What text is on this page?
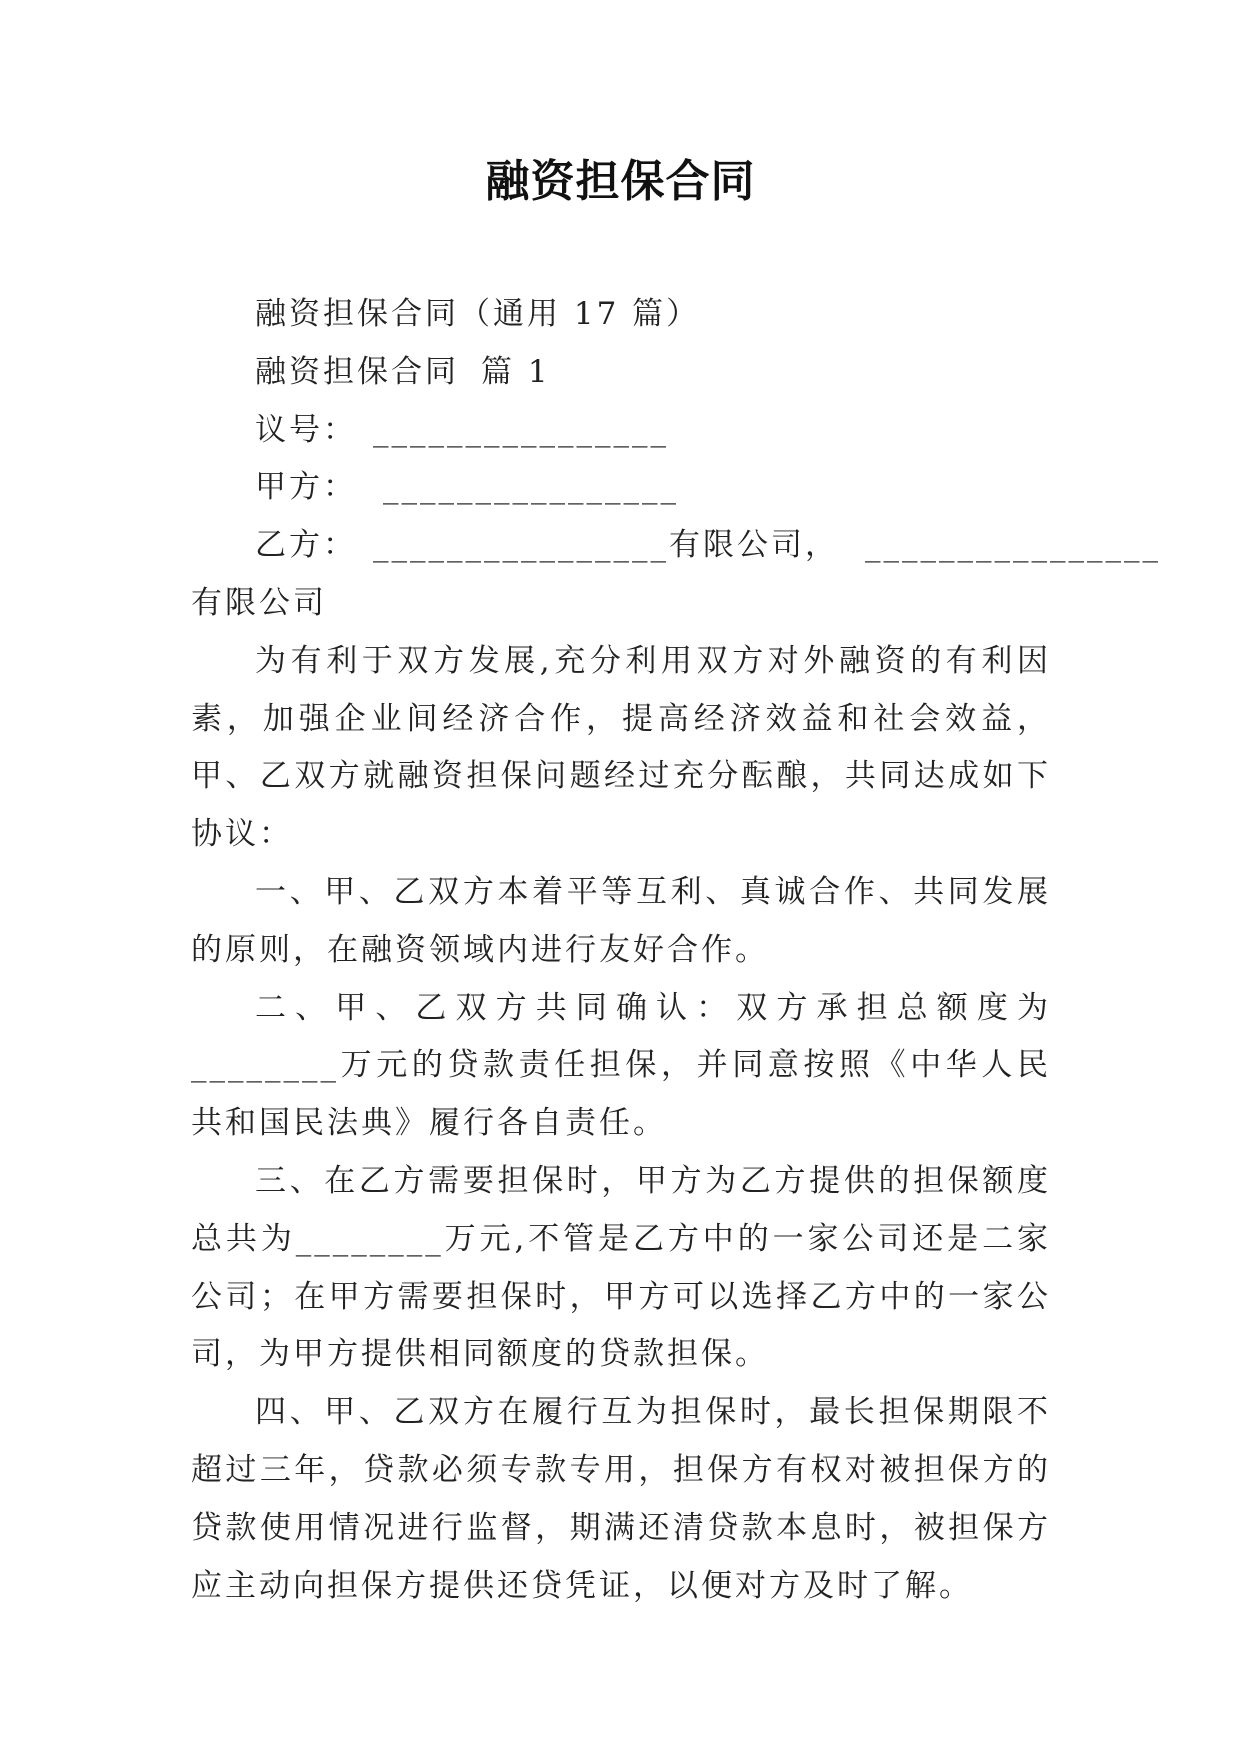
融资担保合同

融资担保合同（通用 17 篇）

融资担保合同 篇 1

议号： ________________

甲方： ________________

乙方： ________________有限公司， ________________

有限公司

为有利于双方发展,充分利用双方对外融资的有利因素，加强企业间经济合作，提高经济效益和社会效益，甲、乙双方就融资担保问题经过充分酝酿，共同达成如下协议：

一、甲、乙双方本着平等互利、真诚合作、共同发展的原则，在融资领域内进行友好合作。

二、甲、乙双方共同确认：双方承担总额度为________万元的贷款责任担保，并同意按照《中华人民共和国民法典》履行各自责任。

三、在乙方需要担保时，甲方为乙方提供的担保额度总共为________万元,不管是乙方中的一家公司还是二家公司；在甲方需要担保时，甲方可以选择乙方中的一家公司，为甲方提供相同额度的贷款担保。

四、甲、乙双方在履行互为担保时，最长担保期限不超过三年，贷款必须专款专用，担保方有权对被担保方的贷款使用情况进行监督，期满还清贷款本息时，被担保方应主动向担保方提供还贷凭证，以便对方及时了解。
